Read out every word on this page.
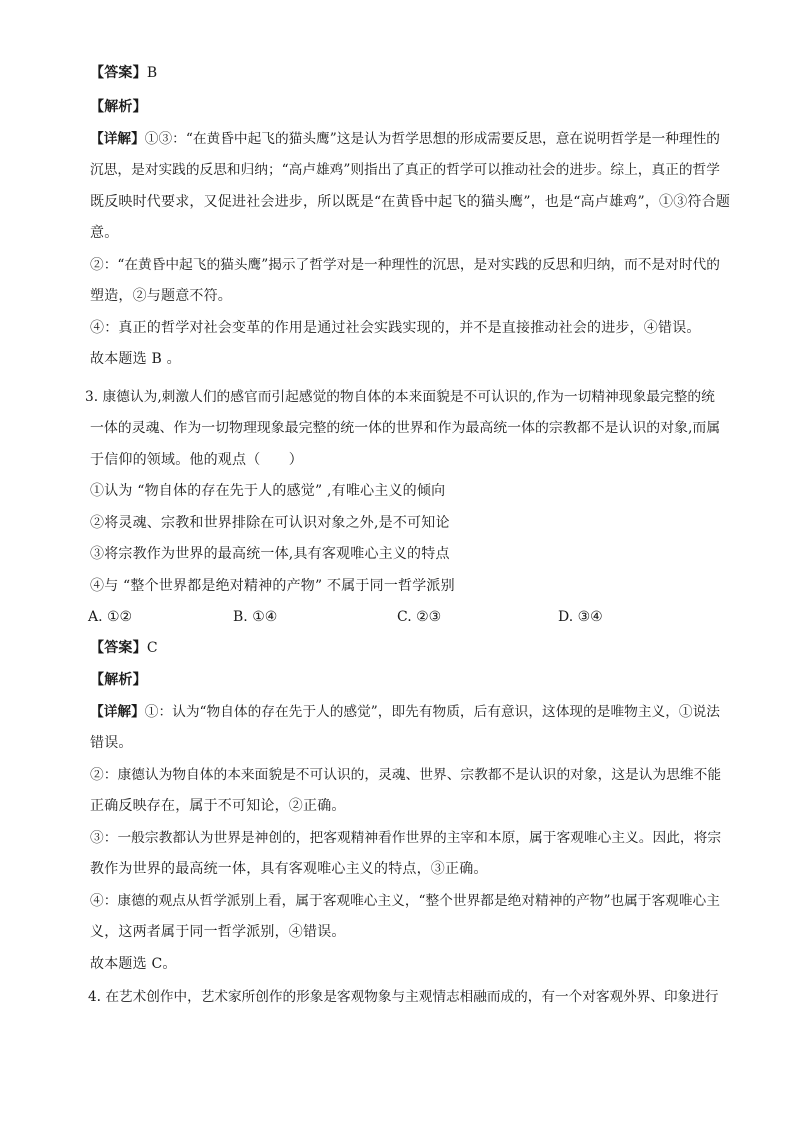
【答案】B
【解析】
【详解】①③：“在黄昏中起飞的猫头鹰”这是认为哲学思想的形成需要反思，意在说明哲学是一种理性的
沉思，是对实践的反思和归纳；“高卢雄鸡”则指出了真正的哲学可以推动社会的进步。综上，真正的哲学
既反映时代要求，又促进社会进步，所以既是“在黄昏中起飞的猫头鹰”，也是“高卢雄鸡”，①③符合题
意。
②：“在黄昏中起飞的猫头鹰”揭示了哲学对是一种理性的沉思，是对实践的反思和归纳，而不是对时代的
塑造，②与题意不符。
④：真正的哲学对社会变革的作用是通过社会实践实现的，并不是直接推动社会的进步，④错误。
故本题选 B 。
3. 康德认为,刺激人们的感官而引起感觉的物自体的本来面貌是不可认识的,作为一切精神现象最完整的统
一体的灵魂、作为一切物理现象最完整的统一体的世界和作为最高统一体的宗教都不是认识的对象,而属
于信仰的领域。他的观点（　　）
①认为 “物自体的存在先于人的感觉” ,有唯心主义的倾向
②将灵魂、宗教和世界排除在可认识对象之外,是不可知论
③将宗教作为世界的最高统一体,具有客观唯心主义的特点
④与 “整个世界都是绝对精神的产物” 不属于同一哲学派别
A. ①②	B. ①④	C. ②③	D. ③④
【答案】C
【解析】
【详解】①：认为“物自体的存在先于人的感觉”，即先有物质，后有意识，这体现的是唯物主义，①说法
错误。
②：康德认为物自体的本来面貌是不可认识的，灵魂、世界、宗教都不是认识的对象，这是认为思维不能
正确反映存在，属于不可知论，②正确。
③：一般宗教都认为世界是神创的，把客观精神看作世界的主宰和本原，属于客观唯心主义。因此，将宗
教作为世界的最高统一体，具有客观唯心主义的特点，③正确。
④：康德的观点从哲学派别上看，属于客观唯心主义，“整个世界都是绝对精神的产物”也属于客观唯心主
义，这两者属于同一哲学派别，④错误。
故本题选 C。
4. 在艺术创作中，艺术家所创作的形象是客观物象与主观情志相融而成的，有一个对客观外界、印象进行
